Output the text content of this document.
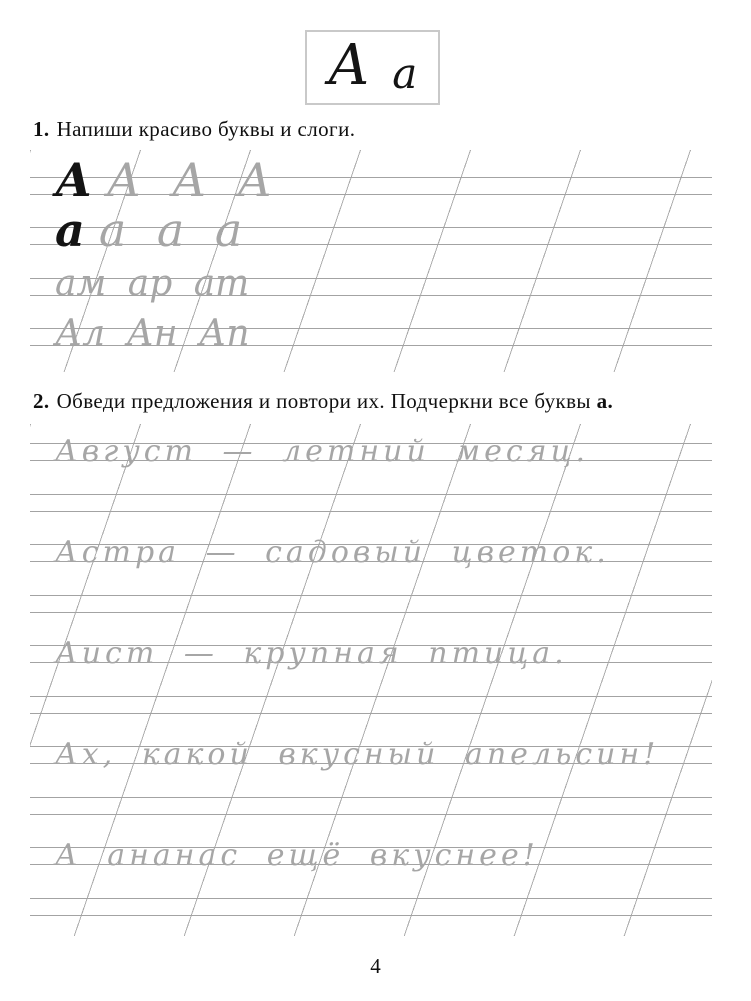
А а
1. Напиши красиво буквы и слоги.
А А А А
а а а а
ам ар ат
Ал Ан Ап
2. Обведи предложения и повтори их. Подчеркни все буквы а.
Август — летний месяц.
Астра — садовый цветок.
Аист — крупная птица.
Ах, какой вкусный апельсин!
А ананас ещё вкуснее!
4
